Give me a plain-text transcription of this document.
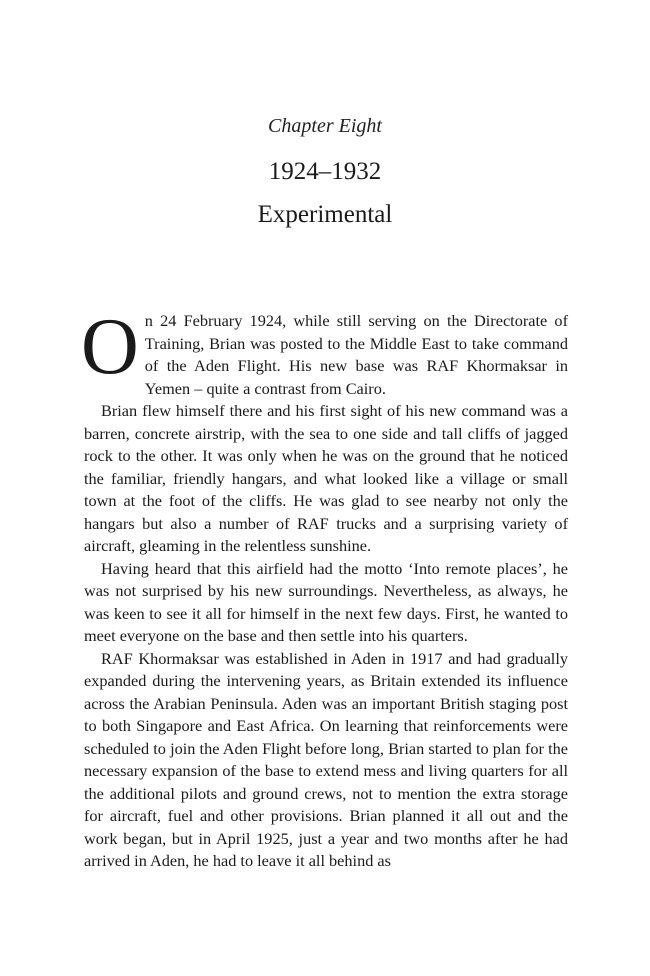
Chapter Eight
1924–1932
Experimental

On 24 February 1924, while still serving on the Directorate of Training, Brian was posted to the Middle East to take command of the Aden Flight. His new base was RAF Khormaksar in Yemen – quite a contrast from Cairo.

Brian flew himself there and his first sight of his new command was a barren, concrete airstrip, with the sea to one side and tall cliffs of jagged rock to the other. It was only when he was on the ground that he noticed the familiar, friendly hangars, and what looked like a village or small town at the foot of the cliffs. He was glad to see nearby not only the hangars but also a number of RAF trucks and a surprising variety of aircraft, gleaming in the relentless sunshine.

Having heard that this airfield had the motto ‘Into remote places’, he was not surprised by his new surroundings. Nevertheless, as always, he was keen to see it all for himself in the next few days. First, he wanted to meet everyone on the base and then settle into his quarters.

RAF Khormaksar was established in Aden in 1917 and had gradually expanded during the intervening years, as Britain extended its influence across the Arabian Peninsula. Aden was an important British staging post to both Singapore and East Africa. On learning that reinforcements were scheduled to join the Aden Flight before long, Brian started to plan for the necessary expansion of the base to extend mess and living quarters for all the additional pilots and ground crews, not to mention the extra storage for aircraft, fuel and other provisions. Brian planned it all out and the work began, but in April 1925, just a year and two months after he had arrived in Aden, he had to leave it all behind as
